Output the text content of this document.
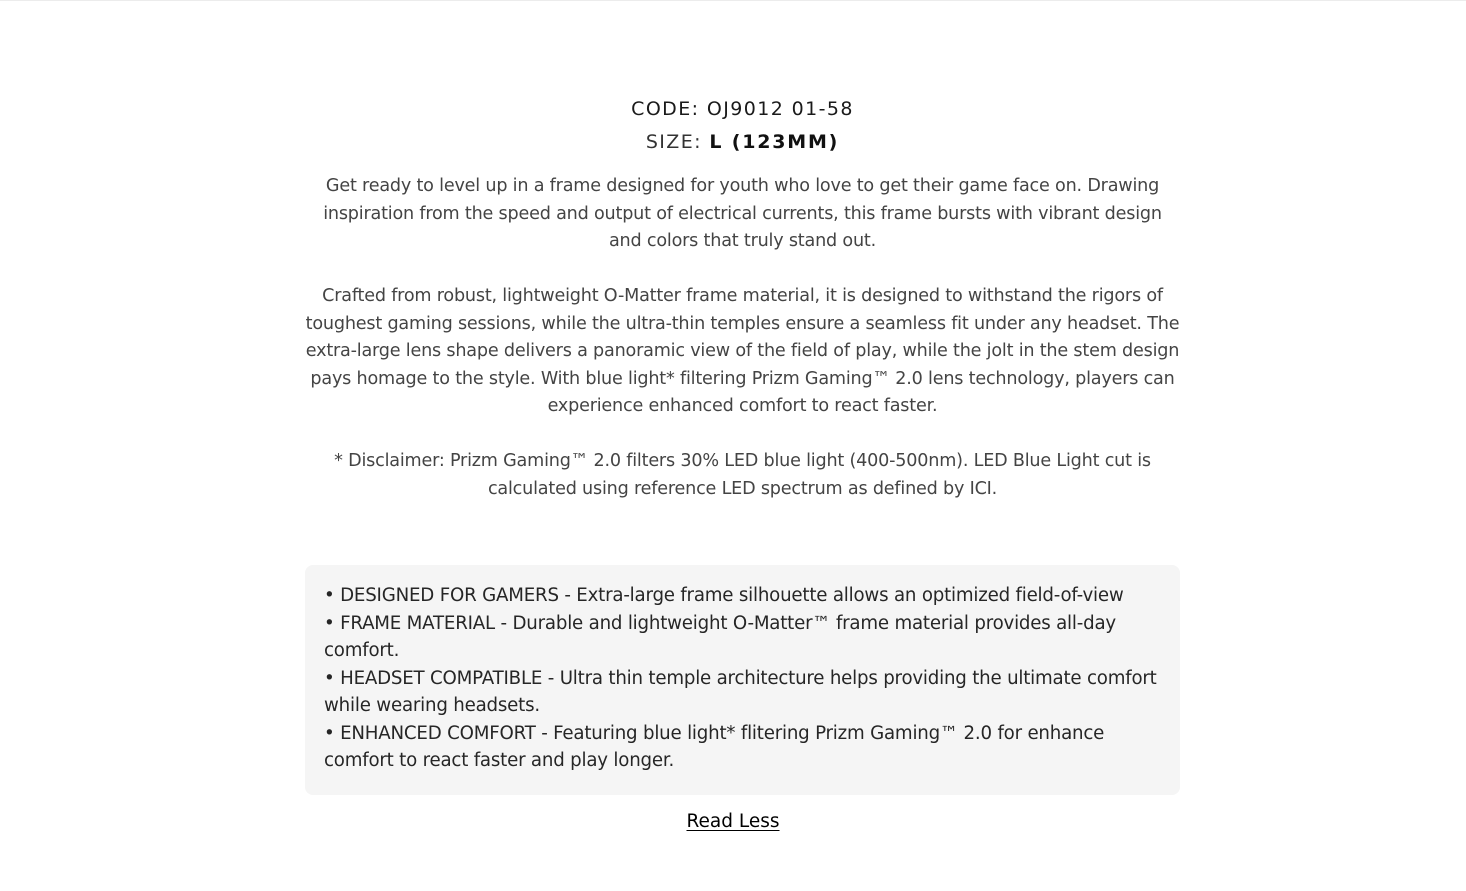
CODE: OJ9012 01-58
SIZE: L (123MM)

Get ready to level up in a frame designed for youth who love to get their game face on. Drawing inspiration from the speed and output of electrical currents, this frame bursts with vibrant design and colors that truly stand out.

Crafted from robust, lightweight O-Matter frame material, it is designed to withstand the rigors of toughest gaming sessions, while the ultra-thin temples ensure a seamless fit under any headset. The extra-large lens shape delivers a panoramic view of the field of play, while the jolt in the stem design pays homage to the style. With blue light* filtering Prizm Gaming™ 2.0 lens technology, players can experience enhanced comfort to react faster.

* Disclaimer: Prizm Gaming™ 2.0 filters 30% LED blue light (400-500nm). LED Blue Light cut is calculated using reference LED spectrum as defined by ICI.

• DESIGNED FOR GAMERS - Extra-large frame silhouette allows an optimized field-of-view

• FRAME MATERIAL - Durable and lightweight O-Matter™ frame material provides all-day comfort.

• HEADSET COMPATIBLE - Ultra thin temple architecture helps providing the ultimate comfort while wearing headsets.

• ENHANCED COMFORT - Featuring blue light* flitering Prizm Gaming™ 2.0 for enhance comfort to react faster and play longer.

Read Less
